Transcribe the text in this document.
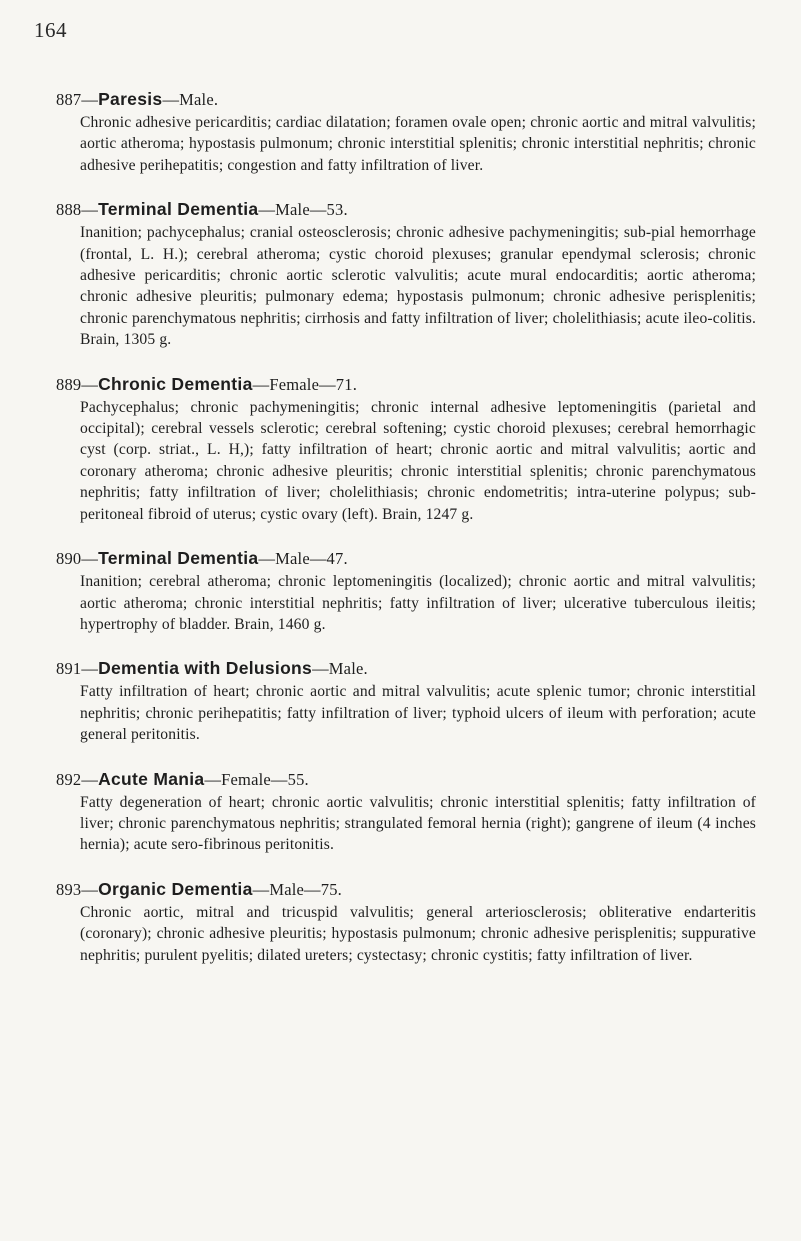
164

887—Paresis—Male.

Chronic adhesive pericarditis; cardiac dilatation; foramen ovale open; chronic aortic and mitral valvulitis; aortic atheroma; hypostasis pulmonum; chronic interstitial splenitis; chronic interstitial nephritis; chronic adhesive perihepatitis; congestion and fatty infiltration of liver.

888—Terminal Dementia—Male—53.

Inanition; pachycephalus; cranial osteosclerosis; chronic adhesive pachymeningitis; sub-pial hemorrhage (frontal, L. H.); cerebral atheroma; cystic choroid plexuses; granular ependymal sclerosis; chronic adhesive pericarditis; chronic aortic sclerotic valvulitis; acute mural endocarditis; aortic atheroma; chronic adhesive pleuritis; pulmonary edema; hypostasis pulmonum; chronic adhesive perisplenitis; chronic parenchymatous nephritis; cirrhosis and fatty infiltration of liver; cholelithiasis; acute ileo-colitis. Brain, 1305 g.

889—Chronic Dementia—Female—71.

Pachycephalus; chronic pachymeningitis; chronic internal adhesive leptomeningitis (parietal and occipital); cerebral vessels sclerotic; cerebral softening; cystic choroid plexuses; cerebral hemorrhagic cyst (corp. striat., L. H,); fatty infiltration of heart; chronic aortic and mitral valvulitis; aortic and coronary atheroma; chronic adhesive pleuritis; chronic interstitial splenitis; chronic parenchymatous nephritis; fatty infiltration of liver; cholelithiasis; chronic endometritis; intra-uterine polypus; sub-peritoneal fibroid of uterus; cystic ovary (left). Brain, 1247 g.

890—Terminal Dementia—Male—47.

Inanition; cerebral atheroma; chronic leptomeningitis (localized); chronic aortic and mitral valvulitis; aortic atheroma; chronic interstitial nephritis; fatty infiltration of liver; ulcerative tuberculous ileitis; hypertrophy of bladder. Brain, 1460 g.

891—Dementia with Delusions—Male.

Fatty infiltration of heart; chronic aortic and mitral valvulitis; acute splenic tumor; chronic interstitial nephritis; chronic perihepatitis; fatty infiltration of liver; typhoid ulcers of ileum with perforation; acute general peritonitis.

892—Acute Mania—Female—55.

Fatty degeneration of heart; chronic aortic valvulitis; chronic interstitial splenitis; fatty infiltration of liver; chronic parenchymatous nephritis; strangulated femoral hernia (right); gangrene of ileum (4 inches hernia); acute sero-fibrinous peritonitis.

893—Organic Dementia—Male—75.

Chronic aortic, mitral and tricuspid valvulitis; general arteriosclerosis; obliterative endarteritis (coronary); chronic adhesive pleuritis; hypostasis pulmonum; chronic adhesive perisplenitis; suppurative nephritis; purulent pyelitis; dilated ureters; cystectasy; chronic cystitis; fatty infiltration of liver.
